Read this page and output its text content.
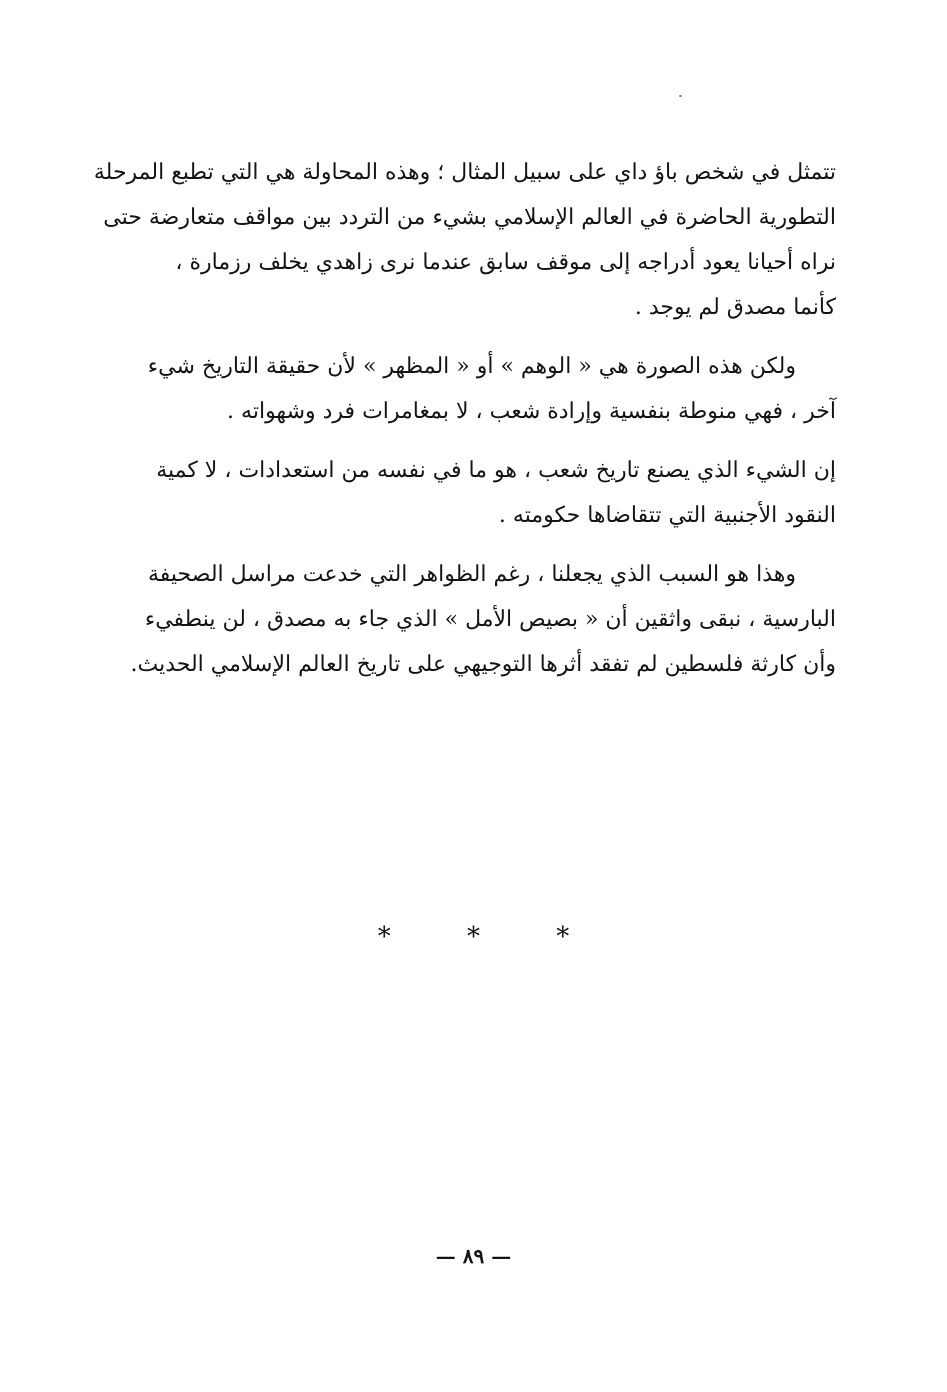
تتمثل في شخص باؤ داي على سبيل المثال ؛ وهذه المحاولة هي التي تطبع المرحلة
التطورية الحاضرة في العالم الإسلامي بشيء من التردد بين مواقف متعارضة حتى
نراه أحيانا يعود أدراجه إلى موقف سابق عندما نرى زاهدي يخلف رزمارة ،
كأنما مصدق لم يوجد .

ولكن هذه الصورة هي « الوهم » أو « المظهر » لأن حقيقة التاريخ شيء
آخر ، فهي منوطة بنفسية وإرادة شعب ، لا بمغامرات فرد وشهواته .

إن الشيء الذي يصنع تاريخ شعب ، هو ما في نفسه من استعدادات ، لا كمية
النقود الأجنبية التي تتقاضاها حكومته .

وهذا هو السبب الذي يجعلنا ، رغم الظواهر التي خدعت مراسل الصحيفة
البارسية ، نبقى واثقين أن « بصيص الأمل » الذي جاء به مصدق ، لن ينطفيء
وأن كارثة فلسطين لم تفقد أثرها التوجيهي على تاريخ العالم الإسلامي الحديث.

* * *
— ٨٩ —
